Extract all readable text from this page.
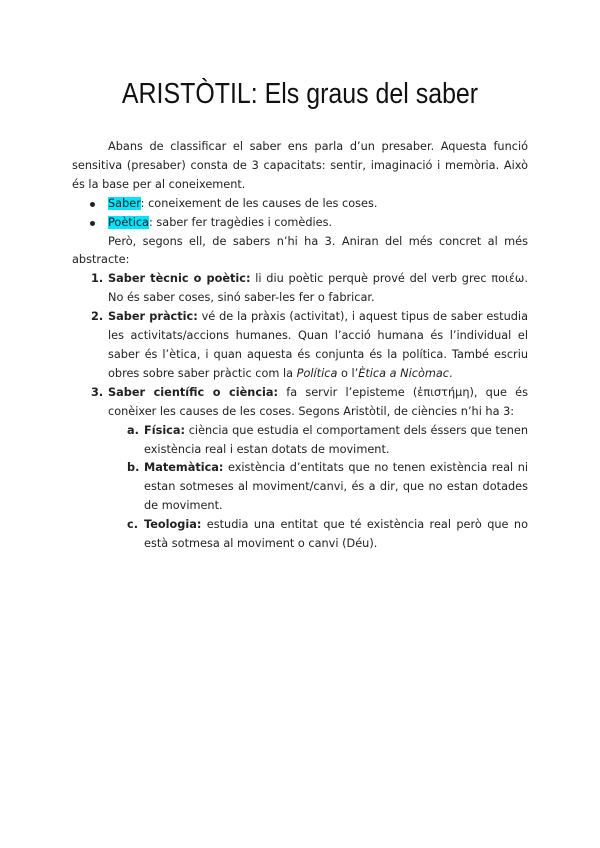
ARISTÒTIL: Els graus del saber

Abans de classificar el saber ens parla d’un presaber. Aquesta funció sensitiva (presaber) consta de 3 capacitats: sentir, imaginació i memòria. Això és la base per al coneixement.

Saber: coneixement de les causes de les coses.
Poètica: saber fer tragèdies i comèdies.

Però, segons ell, de sabers n’hi ha 3. Aniran del més concret al més abstracte:

1. Saber tècnic o poètic: li diu poètic perquè prové del verb grec ποιέω. No és saber coses, sinó saber-les fer o fabricar.
2. Saber pràctic: vé de la pràxis (activitat), i aquest tipus de saber estudia les activitats/accions humanes. Quan l’acció humana és l’individual el saber és l’ètica, i quan aquesta és conjunta és la política. També escriu obres sobre saber pràctic com la Política o l’Ètica a Nicòmac.
3. Saber científic o ciència: fa servir l’episteme (ἐπιστήμη), que és conèixer les causes de les coses. Segons Aristòtil, de ciències n’hi ha 3:
a. Física: ciència que estudia el comportament dels éssers que tenen existència real i estan dotats de moviment.
b. Matemàtica: existència d’entitats que no tenen existència real ni estan sotmeses al moviment/canvi, és a dir, que no estan dotades de moviment.
c. Teologia: estudia una entitat que té existència real però que no està sotmesa al moviment o canvi (Déu).
